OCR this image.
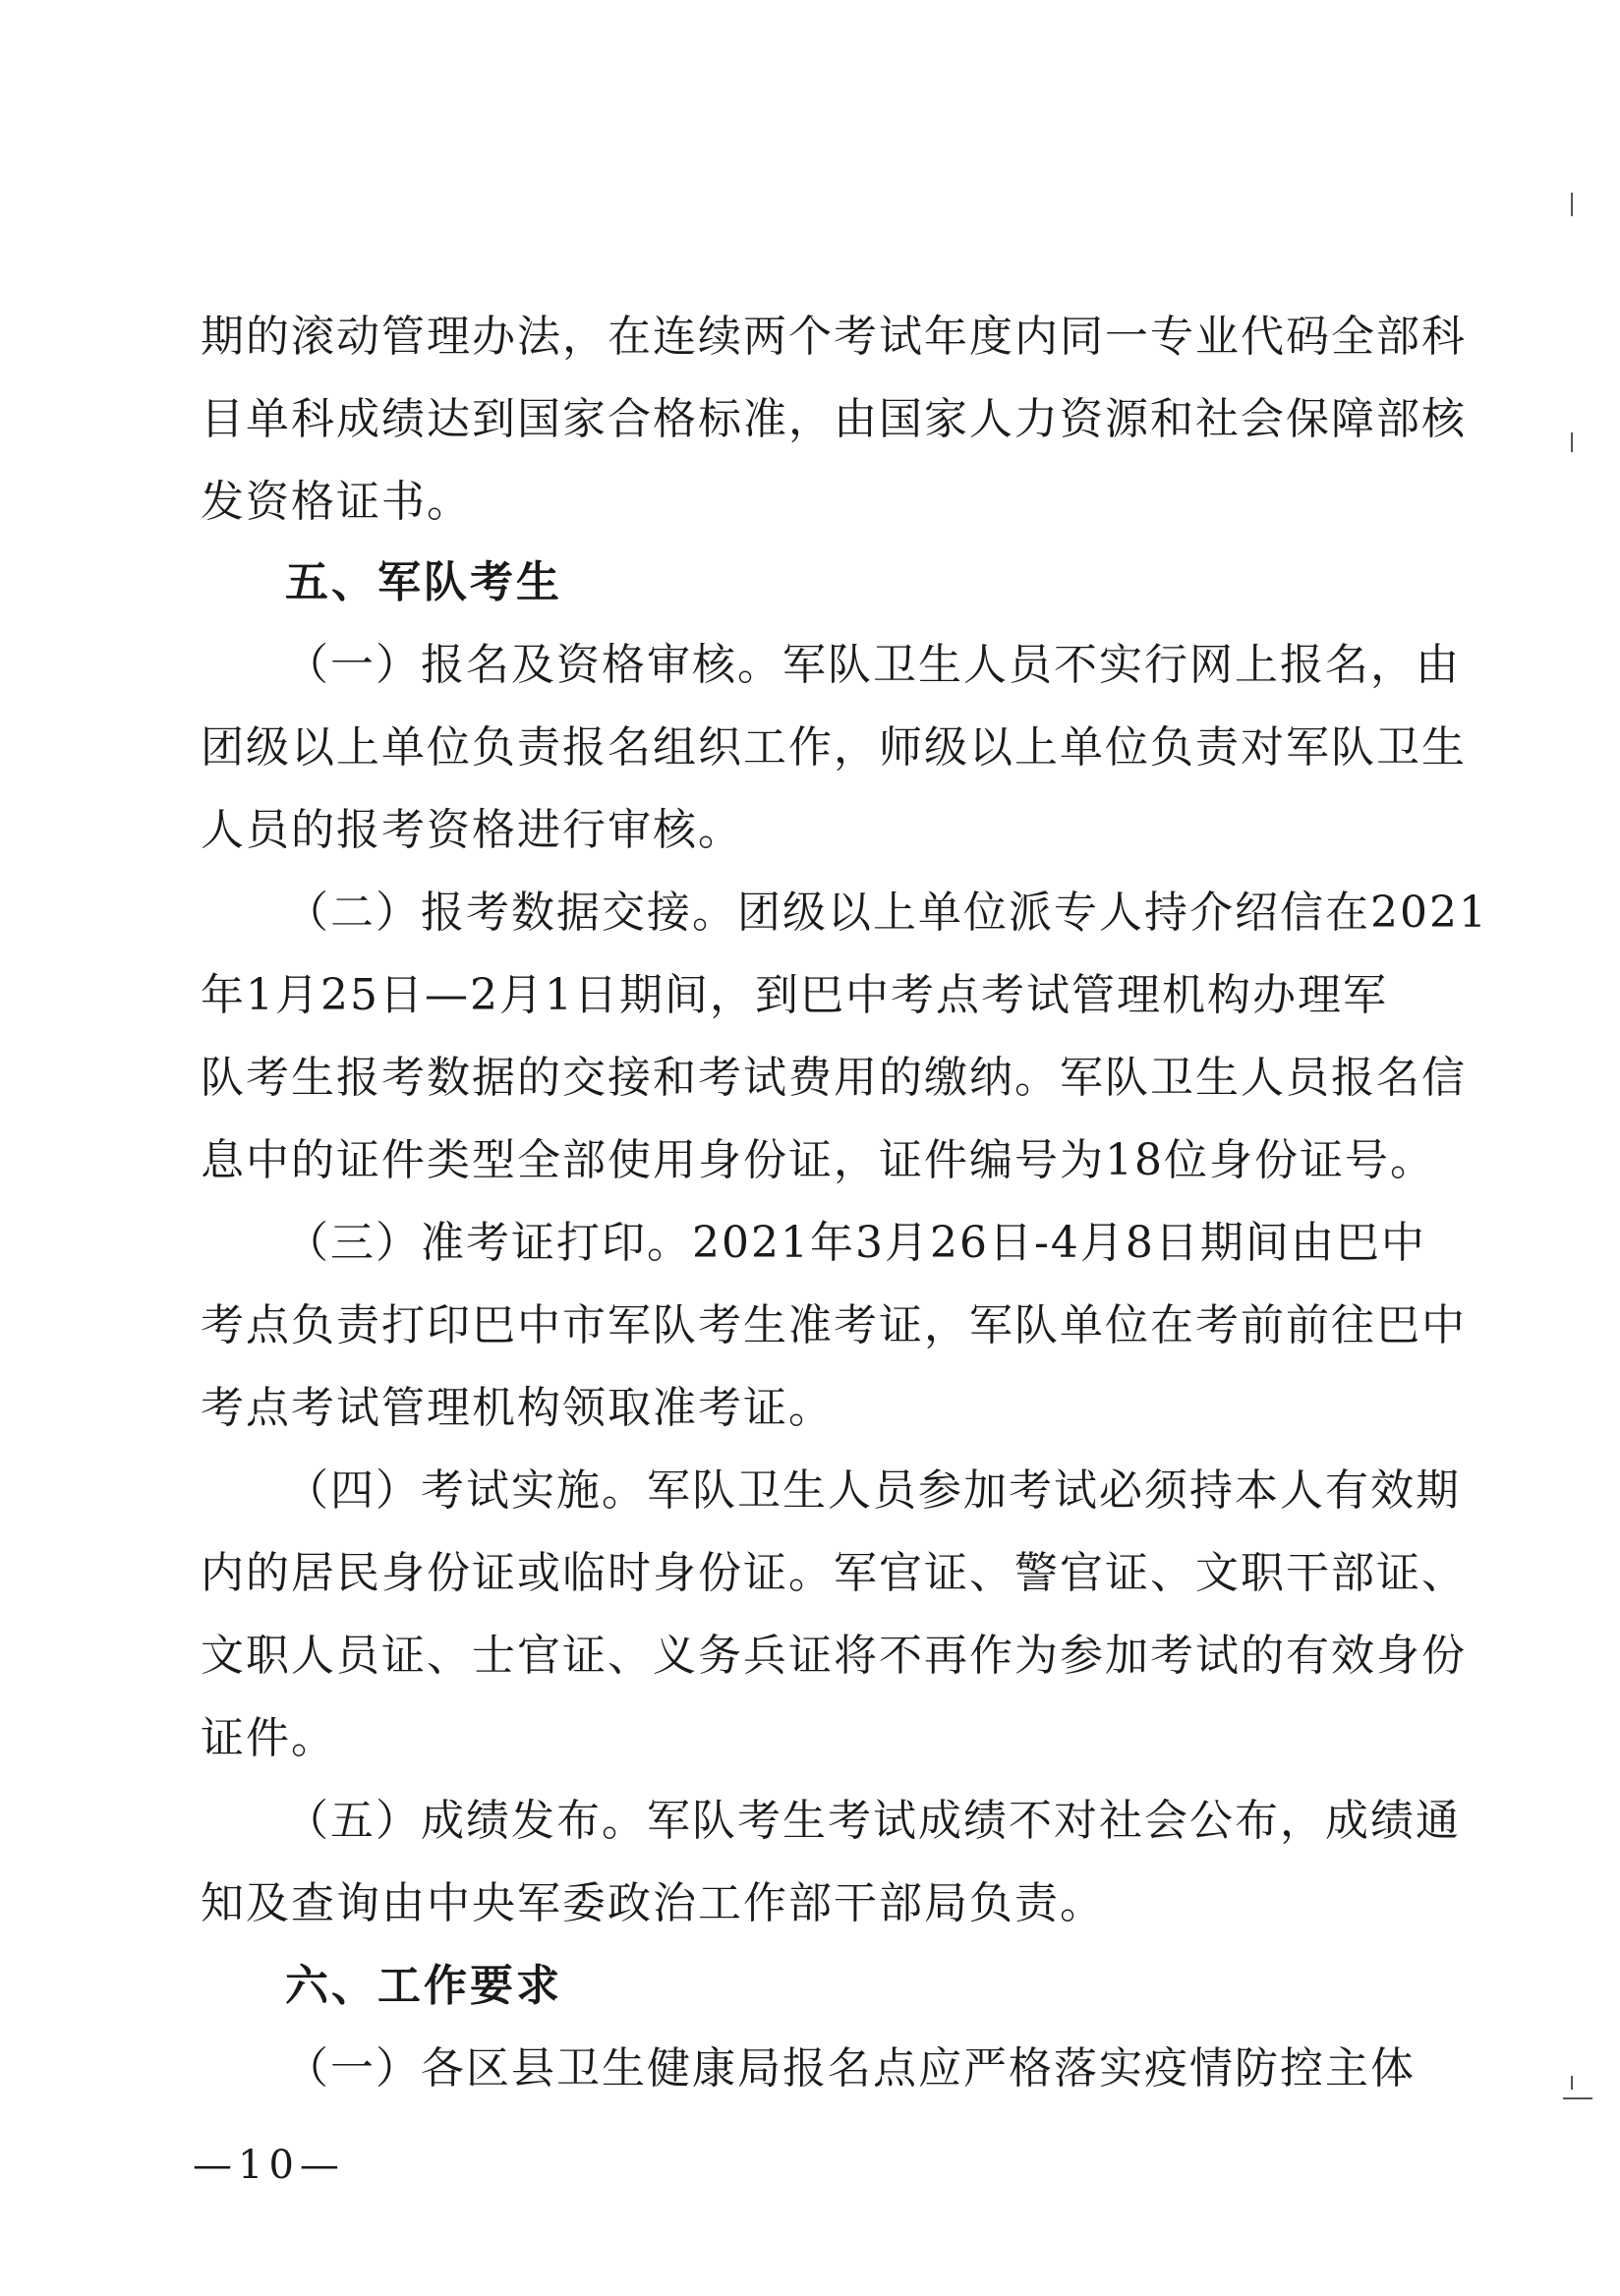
期的滚动管理办法，在连续两个考试年度内同一专业代码全部科
目单科成绩达到国家合格标准，由国家人力资源和社会保障部核
发资格证书。
五、军队考生
（一）报名及资格审核。军队卫生人员不实行网上报名，由
团级以上单位负责报名组织工作，师级以上单位负责对军队卫生
人员的报考资格进行审核。
（二）报考数据交接。团级以上单位派专人持介绍信在2021
年1月25日—2月1日期间，到巴中考点考试管理机构办理军
队考生报考数据的交接和考试费用的缴纳。军队卫生人员报名信
息中的证件类型全部使用身份证，证件编号为18位身份证号。
（三）准考证打印。2021年3月26日-4月8日期间由巴中
考点负责打印巴中市军队考生准考证，军队单位在考前前往巴中
考点考试管理机构领取准考证。
（四）考试实施。军队卫生人员参加考试必须持本人有效期
内的居民身份证或临时身份证。军官证、警官证、文职干部证、
文职人员证、士官证、义务兵证将不再作为参加考试的有效身份
证件。
（五）成绩发布。军队考生考试成绩不对社会公布，成绩通
知及查询由中央军委政治工作部干部局负责。
六、工作要求
（一）各区县卫生健康局报名点应严格落实疫情防控主体
—10—
